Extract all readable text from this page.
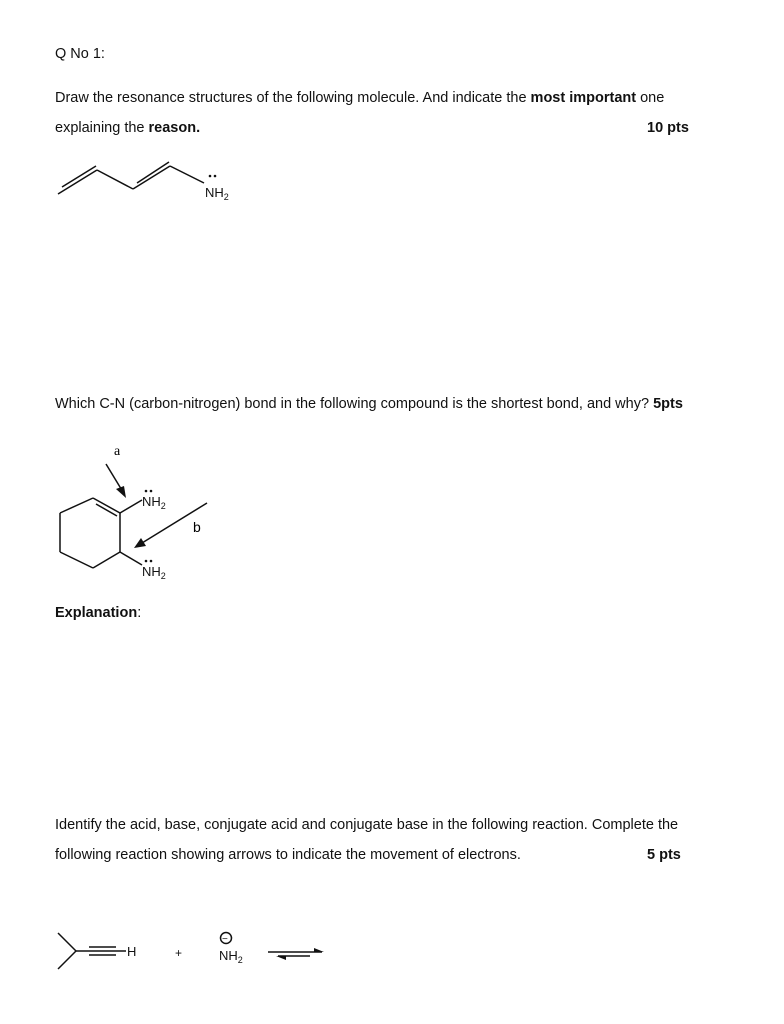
Q No 1:
Draw the resonance structures of the following molecule. And indicate the most important one
explaining the reason.	10 pts
$NH_2$
Which C-N (carbon-nitrogen) bond in the following compound is the shortest bond, and why? 5pts
a
b
$NH_2$
$NH_2$
Explanation:
Identify the acid, base, conjugate acid and conjugate base in the following reaction. Complete the
following reaction showing arrows to indicate the movement of electrons.	5 pts
H	+
−
$NH_2$
